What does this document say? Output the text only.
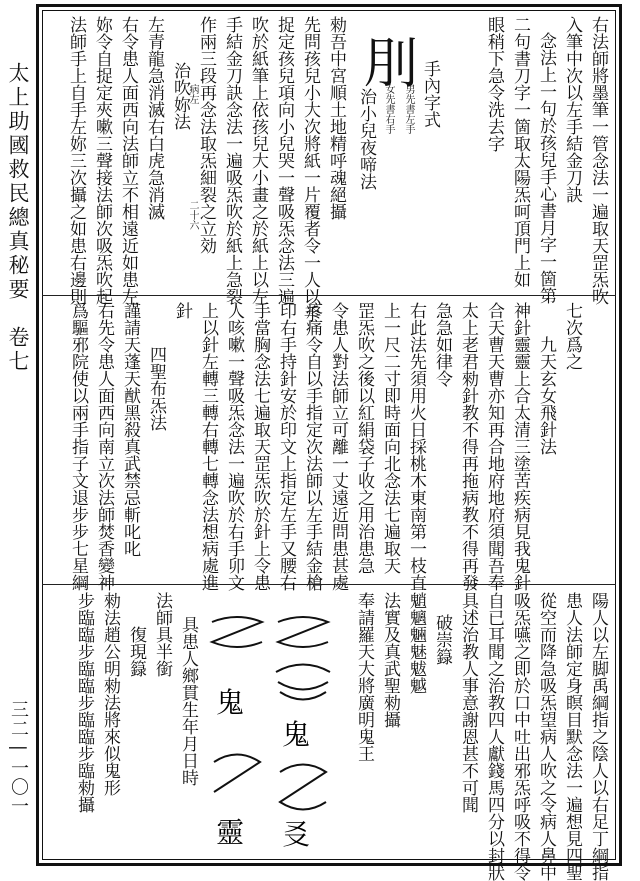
太上助國救民總真秘要　卷七
三二 | 一〇一
右法師將墨筆一管念法一遍取天罡炁吹
入筆中次以左手結金刀訣
念法上一句於孩兒手心書月字一箇第
二句書刀字一箇取太陽炁呵頂門上如
眼稍下急令洗去字
手內字式
男先書左手
女先書右手
刖
治小兒夜啼法
勑吾中宮順土地精呼魂絕攝
先問孩兒小大次將紙一片覆者令一人以手
捉定孩兒項向小兒哭一聲吸炁念法三遍
吹於紙筆上依孩兒大小畫之於紙上以左
手結金刀訣念法一遍吸炁吹於紙上急裂
作兩三段再念法取炁細裂之立効
治吹妳法
病左
二十六
左青龍急消滅右白虎急消滅
右令患人面西向法師立不相遠近如患左
妳令自捉定夾嗽三聲接法師次吸炁吹起
法師手上自手左妳三次攝之如患右邊則
七次爲之
九天玄女飛針法
神針靈靈上合太清三塗苦疾病見我鬼針
合天曹天曹亦知再合地府地府須聞吾奉
太上老君勑針教不得再拖病教不得再發
急急如律令
右此法先須用火日採桃木東南第一枝直
上一尺二寸即時面向北念法七遍取天
罡炁吹之後以紅絹袋子收之用治患急
令患人對法師立可離一丈遠近問患甚處
疼痛令自以手指定次法師以左手結金槍
印右手持針安於印文上指定左手又腰右
手當胸念法七遍取天罡炁吹於針上令患
人咳嗽一聲吸炁念法一遍吹於右手卯文
上以針左轉三轉右轉七轉念法想病處進
針
四聖布炁法
謹請天蓬天猷黑殺真武禁忌斬叱叱
右先令患人面西向南立次法師焚香變神
爲驅邪院使以兩手指子文退步步七星綱
陽人以左脚禹綱指之陰人以右足丁綱指
患人法師定身瞑目默念法一遍想見四聖
從空而降急吸炁望病人吹之令病人鼻中
吸炁嚥之即於口中吐出邪炁呼吸不得令
自已耳聞之治教四人獻錢馬四分以封狀
具述治教人事意謝恩甚不可聞
破崇籙
魈魑魎魅魃魆
法實及真武聖勑攝
奉請羅天大將廣明鬼王
鬼
㕛
鬼
靈
具患人鄉貫生年月日時
法師具半銜
復現籙
勑法趙公明勑法將來似鬼形
步臨臨步臨臨步臨臨步臨勑攝
